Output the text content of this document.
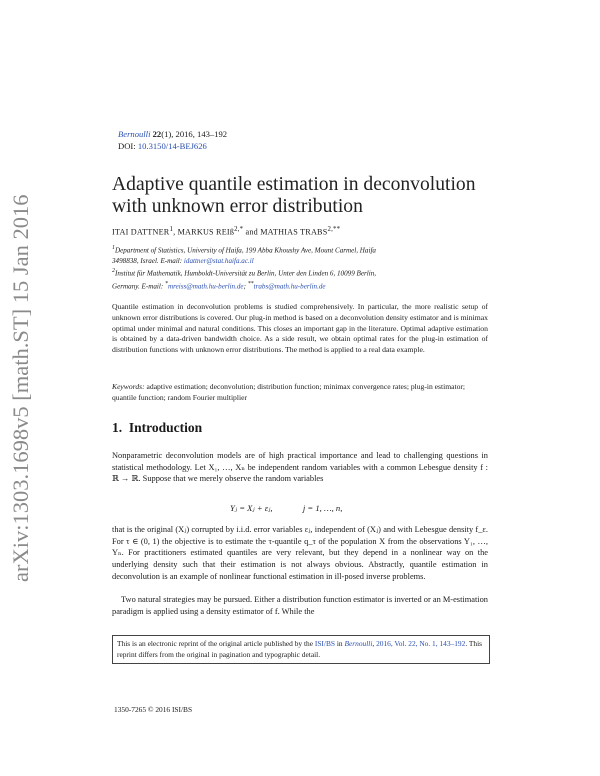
arXiv:1303.1698v5 [math.ST] 15 Jan 2016
Bernoulli 22(1), 2016, 143–192
DOI: 10.3150/14-BEJ626
Adaptive quantile estimation in deconvolution
with unknown error distribution
ITAI DATTNER$^1$, MARKUS REIß$^{2,*}$ and MATHIAS $TRABS^{2,**}$
$^1$Department of Statistics, University of Haifa, 199 Abba Khoushy Ave, Mount Carmel, Haifa
3498838, Israel. E-mail: idattner@stat.haifa.ac.il
$^2$Institut für Mathematik, Humboldt-Universität zu Berlin, Unter den Linden 6, 10099 Berlin,
Germany. E-mail: *mreiss@math.hu-berlin.de; **trabs@math.hu-berlin.de

Quantile estimation in deconvolution problems is studied comprehensively. In particular, the more realistic setup of unknown error distributions is covered. Our plug-in method is based on a deconvolution density estimator and is minimax optimal under minimal and natural conditions. This closes an important gap in the literature. Optimal adaptive estimation is obtained by a data-driven bandwidth choice. As a side result, we obtain optimal rates for the plug-in estimation of distribution functions with unknown error distributions. The method is applied to a real data example.

Keywords: adaptive estimation; deconvolution; distribution function; minimax convergence rates; plug-in estimator; quantile function; random Fourier multiplier

1. Introduction

Nonparametric deconvolution models are of high practical importance and lead to challenging questions in statistical methodology. Let X₁, …, Xₙ be independent random variables with a common Lebesgue density f : ℝ → ℝ. Suppose that we merely observe the random variables

Yⱼ = Xⱼ + εⱼ,	j = 1, …, n,

that is the original (Xⱼ) corrupted by i.i.d. error variables εⱼ, independent of (Xⱼ) and with Lebesgue density f_ε. For τ ∈ (0, 1) the objective is to estimate the τ-quantile q_τ of the population X from the observations Y₁, …, Yₙ. For practitioners estimated quantiles are very relevant, but they depend in a nonlinear way on the underlying density such that their estimation is not always obvious. Abstractly, quantile estimation in deconvolution is an example of nonlinear functional estimation in ill-posed inverse problems.

Two natural strategies may be pursued. Either a distribution function estimator is inverted or an M-estimation paradigm is applied using a density estimator of f. While the

This is an electronic reprint of the original article published by the ISI/BS in Bernoulli, 2016, Vol. 22, No. 1, 143–192. This reprint differs from the original in pagination and typographic detail.
1350-7265 © 2016 ISI/BS
